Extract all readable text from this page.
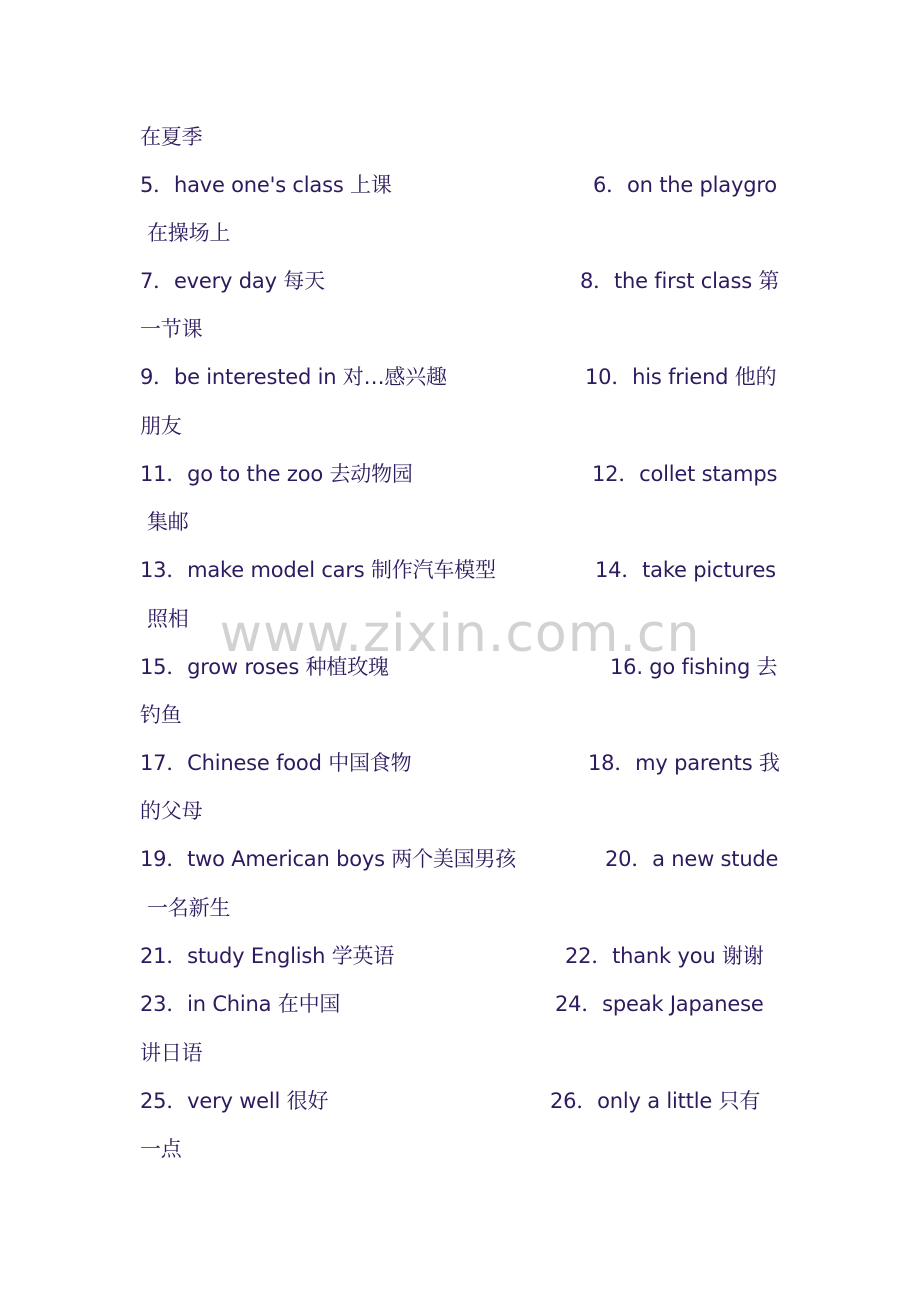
在夏季
5．have one's class 上课	6．on the playgro
在操场上
7．every day 每天	8．the first class 第
一节课
9．be interested in 对…感兴趣	10．his friend 他的
朋友
11．go to the zoo 去动物园	12．collet stamps
集邮
13．make model cars 制作汽车模型	14．take pictures
照相
15．grow roses 种植玫瑰	16. go fishing 去
钓鱼
17．Chinese food 中国食物	18．my parents 我
的父母
19．two American boys 两个美国男孩	20．a new stude
一名新生
21．study English 学英语	22．thank you 谢谢
23．in China 在中国	24．speak Japanese
讲日语
25．very well 很好	26．only a little 只有
一点
www.zixin.com.cn
